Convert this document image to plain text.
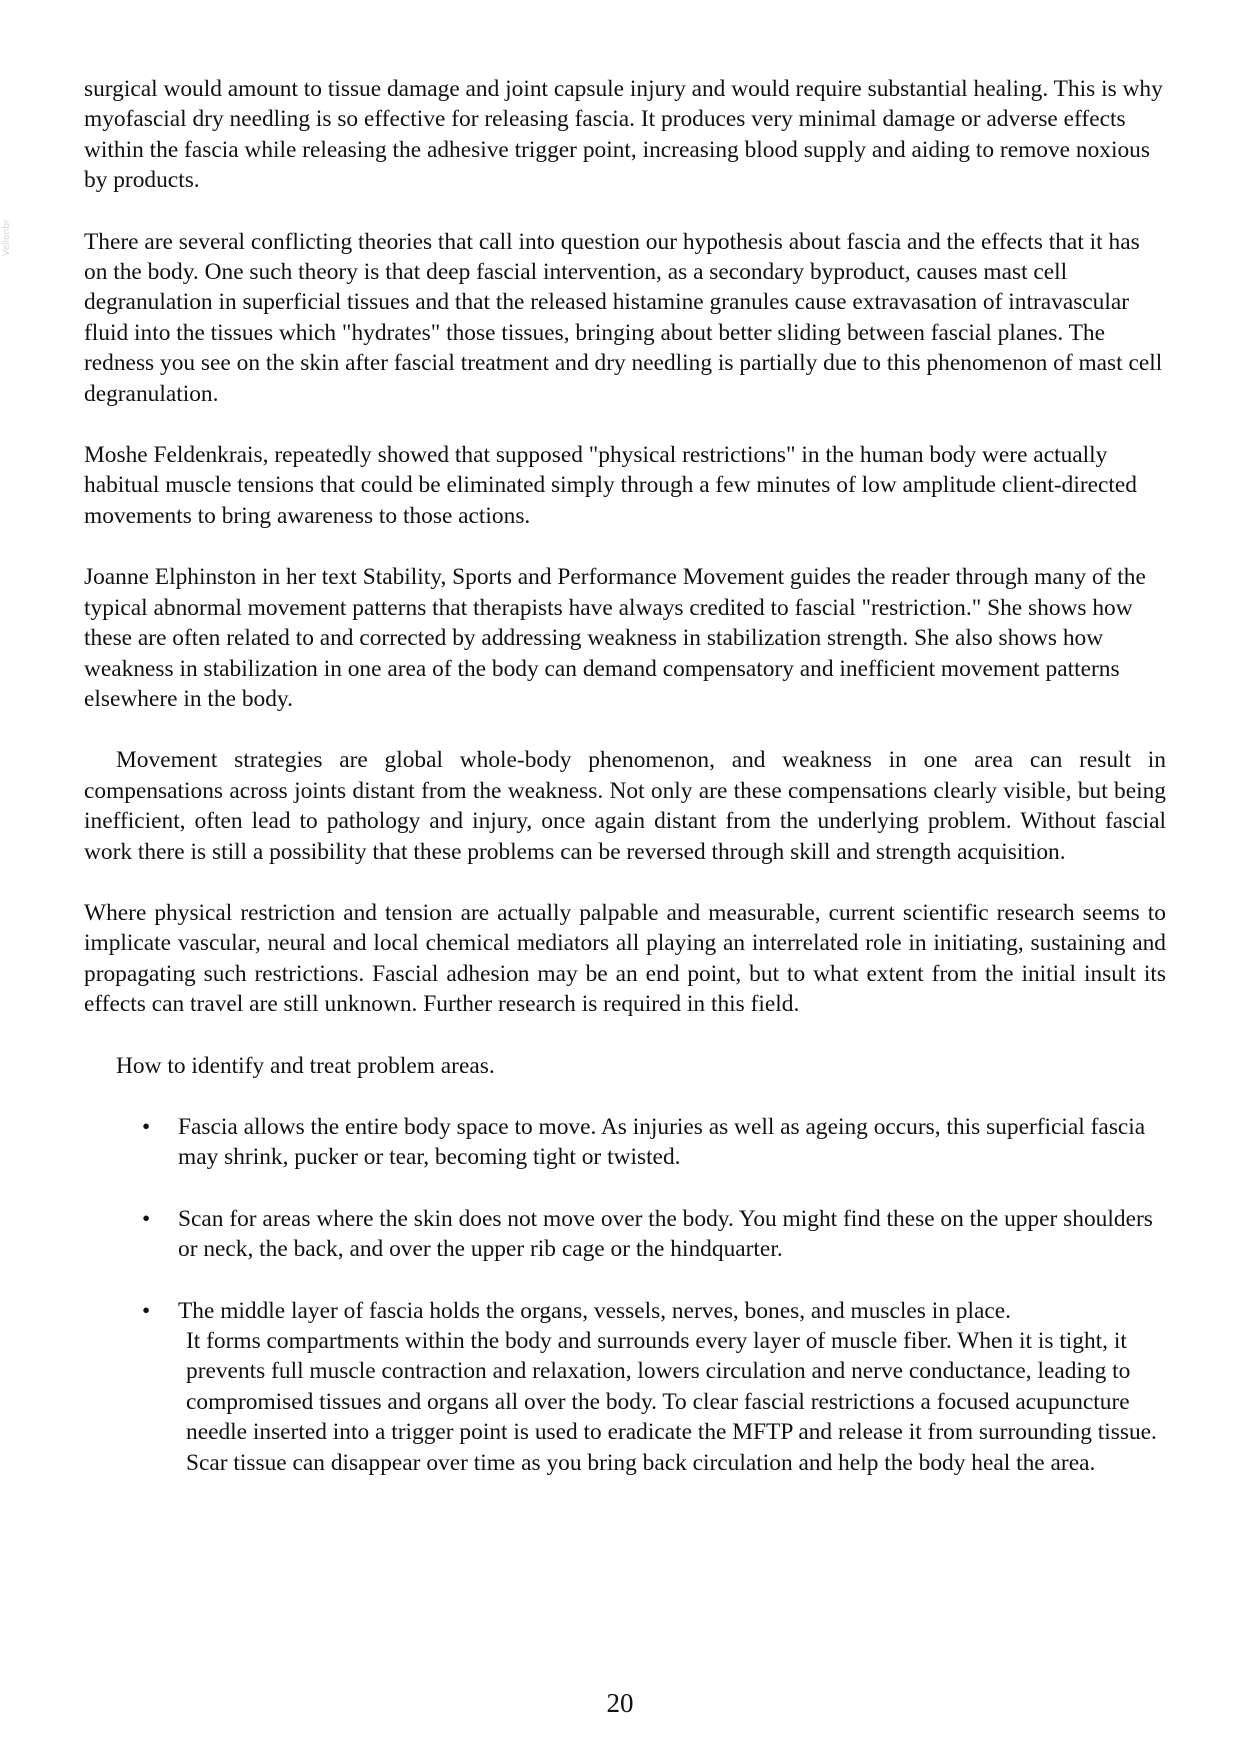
Vellonbr

surgical would amount to tissue damage and joint capsule injury and would require substantial healing. This is why myofascial dry needling is so effective for releasing fascia. It produces very minimal damage or adverse effects within the fascia while releasing the adhesive trigger point, increasing blood supply and aiding to remove noxious by products.

There are several conflicting theories that call into question our hypothesis about fascia and the effects that it has on the body. One such theory is that deep fascial intervention, as a secondary byproduct, causes mast cell degranulation in superficial tissues and that the released histamine granules cause extravasation of intravascular fluid into the tissues which "hydrates" those tissues, bringing about better sliding between fascial planes. The redness you see on the skin after fascial treatment and dry needling is partially due to this phenomenon of mast cell degranulation.

Moshe Feldenkrais, repeatedly showed that supposed "physical restrictions" in the human body were actually habitual muscle tensions that could be eliminated simply through a few minutes of low amplitude client-directed movements to bring awareness to those actions.

Joanne Elphinston in her text Stability, Sports and Performance Movement guides the reader through many of the typical abnormal movement patterns that therapists have always credited to fascial "restriction." She shows how these are often related to and corrected by addressing weakness in stabilization strength. She also shows how weakness in stabilization in one area of the body can demand compensatory and inefficient movement patterns elsewhere in the body.

Movement strategies are global whole-body phenomenon, and weakness in one area can result in compensations across joints distant from the weakness. Not only are these compensations clearly visible, but being inefficient, often lead to pathology and injury, once again distant from the underlying problem. Without fascial work there is still a possibility that these problems can be reversed through skill and strength acquisition.

Where physical restriction and tension are actually palpable and measurable, current scientific research seems to implicate vascular, neural and local chemical mediators all playing an interrelated role in initiating, sustaining and propagating such restrictions. Fascial adhesion may be an end point, but to what extent from the initial insult its effects can travel are still unknown. Further research is required in this field.

How to identify and treat problem areas.

• Fascia allows the entire body space to move. As injuries as well as ageing occurs, this superficial fascia may shrink, pucker or tear, becoming tight or twisted.
• Scan for areas where the skin does not move over the body. You might find these on the upper shoulders or neck, the back, and over the upper rib cage or the hindquarter.
• The middle layer of fascia holds the organs, vessels, nerves, bones, and muscles in place.
It forms compartments within the body and surrounds every layer of muscle fiber. When it is tight, it prevents full muscle contraction and relaxation, lowers circulation and nerve conductance, leading to compromised tissues and organs all over the body. To clear fascial restrictions a focused acupuncture needle inserted into a trigger point is used to eradicate the MFTP and release it from surrounding tissue. Scar tissue can disappear over time as you bring back circulation and help the body heal the area.
20
